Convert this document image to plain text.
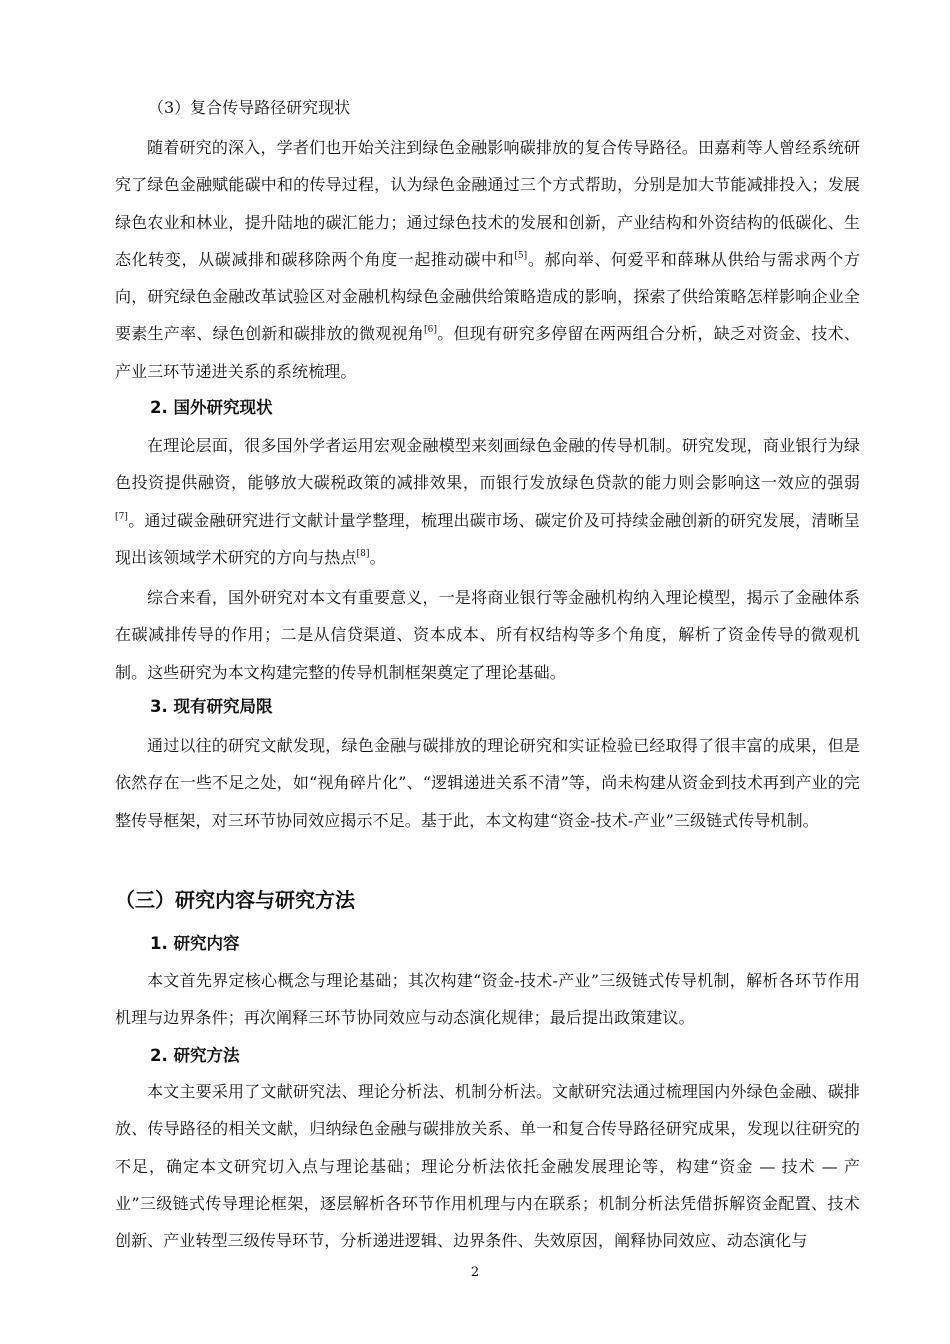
（3）复合传导路径研究现状

随着研究的深入，学者们也开始关注到绿色金融影响碳排放的复合传导路径。田嘉莉等人曾经系统研究了绿色金融赋能碳中和的传导过程，认为绿色金融通过三个方式帮助，分别是加大节能减排投入；发展绿色农业和林业，提升陆地的碳汇能力；通过绿色技术的发展和创新，产业结构和外资结构的低碳化、生态化转变，从碳减排和碳移除两个角度一起推动碳中和[5]。郝向举、何爱平和薛琳从供给与需求两个方向，研究绿色金融改革试验区对金融机构绿色金融供给策略造成的影响，探索了供给策略怎样影响企业全要素生产率、绿色创新和碳排放的微观视角[6]。但现有研究多停留在两两组合分析，缺乏对资金、技术、产业三环节递进关系的系统梳理。

2. 国外研究现状

在理论层面，很多国外学者运用宏观金融模型来刻画绿色金融的传导机制。研究发现，商业银行为绿色投资提供融资，能够放大碳税政策的减排效果，而银行发放绿色贷款的能力则会影响这一效应的强弱[7]。通过碳金融研究进行文献计量学整理，梳理出碳市场、碳定价及可持续金融创新的研究发展，清晰呈现出该领域学术研究的方向与热点[8]。

综合来看，国外研究对本文有重要意义，一是将商业银行等金融机构纳入理论模型，揭示了金融体系在碳减排传导的作用；二是从信贷渠道、资本成本、所有权结构等多个角度，解析了资金传导的微观机制。这些研究为本文构建完整的传导机制框架奠定了理论基础。

3. 现有研究局限

通过以往的研究文献发现，绿色金融与碳排放的理论研究和实证检验已经取得了很丰富的成果，但是依然存在一些不足之处，如“视角碎片化”、“逻辑递进关系不清”等，尚未构建从资金到技术再到产业的完整传导框架，对三环节协同效应揭示不足。基于此，本文构建“资金-技术-产业”三级链式传导机制。

（三）研究内容与研究方法

1. 研究内容

本文首先界定核心概念与理论基础；其次构建“资金-技术-产业”三级链式传导机制，解析各环节作用机理与边界条件；再次阐释三环节协同效应与动态演化规律；最后提出政策建议。

2. 研究方法

本文主要采用了文献研究法、理论分析法、机制分析法。文献研究法通过梳理国内外绿色金融、碳排放、传导路径的相关文献，归纳绿色金融与碳排放关系、单一和复合传导路径研究成果，发现以往研究的不足，确定本文研究切入点与理论基础；理论分析法依托金融发展理论等，构建“资金 — 技术 — 产业”三级链式传导理论框架，逐层解析各环节作用机理与内在联系；机制分析法凭借拆解资金配置、技术创新、产业转型三级传导环节，分析递进逻辑、边界条件、失效原因，阐释协同效应、动态演化与

2
